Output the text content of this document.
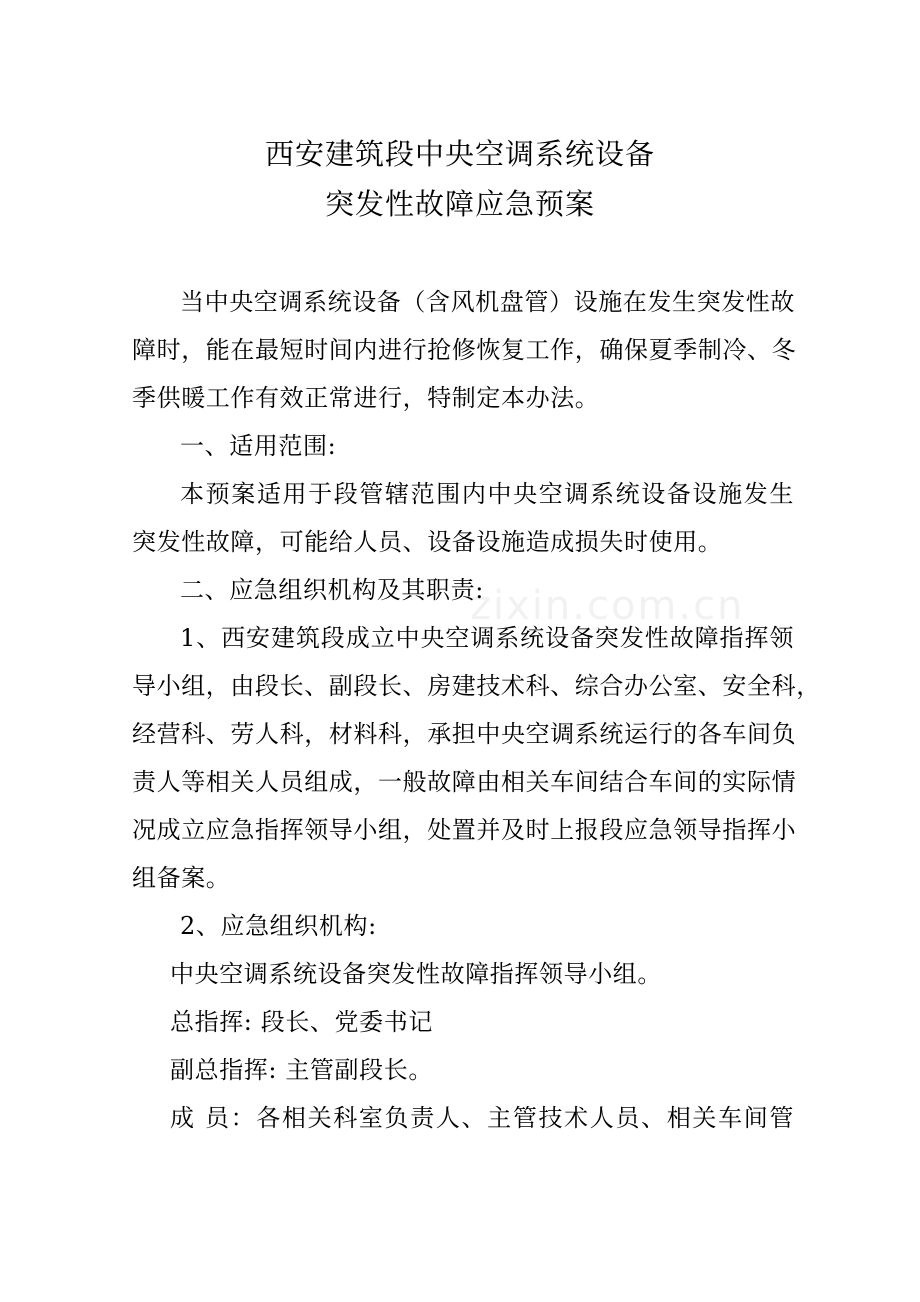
西安建筑段中央空调系统设备
突发性故障应急预案
zixin.com.cn
当中央空调系统设备（含风机盘管）设施在发生突发性故
障时，能在最短时间内进行抢修恢复工作，确保夏季制冷、冬
季供暖工作有效正常进行，特制定本办法。
一、适用范围:
本预案适用于段管辖范围内中央空调系统设备设施发生
突发性故障，可能给人员、设备设施造成损失时使用。
二、应急组织机构及其职责:
1、西安建筑段成立中央空调系统设备突发性故障指挥领
导小组，由段长、副段长、房建技术科、综合办公室、安全科，
经营科、劳人科，材料科，承担中央空调系统运行的各车间负
责人等相关人员组成，一般故障由相关车间结合车间的实际情
况成立应急指挥领导小组，处置并及时上报段应急领导指挥小
组备案。
2、应急组织机构:
中央空调系统设备突发性故障指挥领导小组。
总指挥: 段长、党委书记
副总指挥: 主管副段长。
成 员：各相关科室负责人、主管技术人员、相关车间管
